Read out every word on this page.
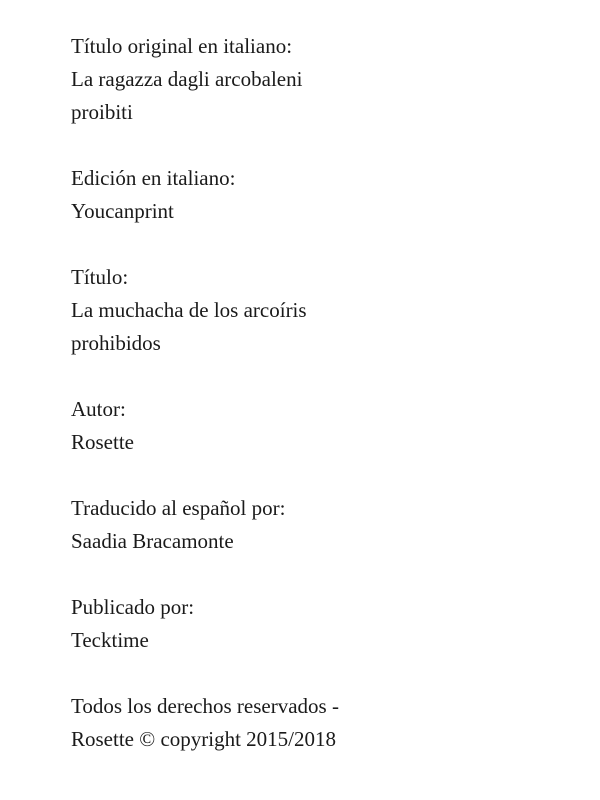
Título original en italiano:
La ragazza dagli arcobaleni
proibiti
Edición en italiano:
Youcanprint
Título:
La muchacha de los arcoíris
prohibidos
Autor:
Rosette
Traducido al español por:
Saadia Bracamonte
Publicado por:
Tecktime
Todos los derechos reservados -
Rosette © copyright 2015/2018
